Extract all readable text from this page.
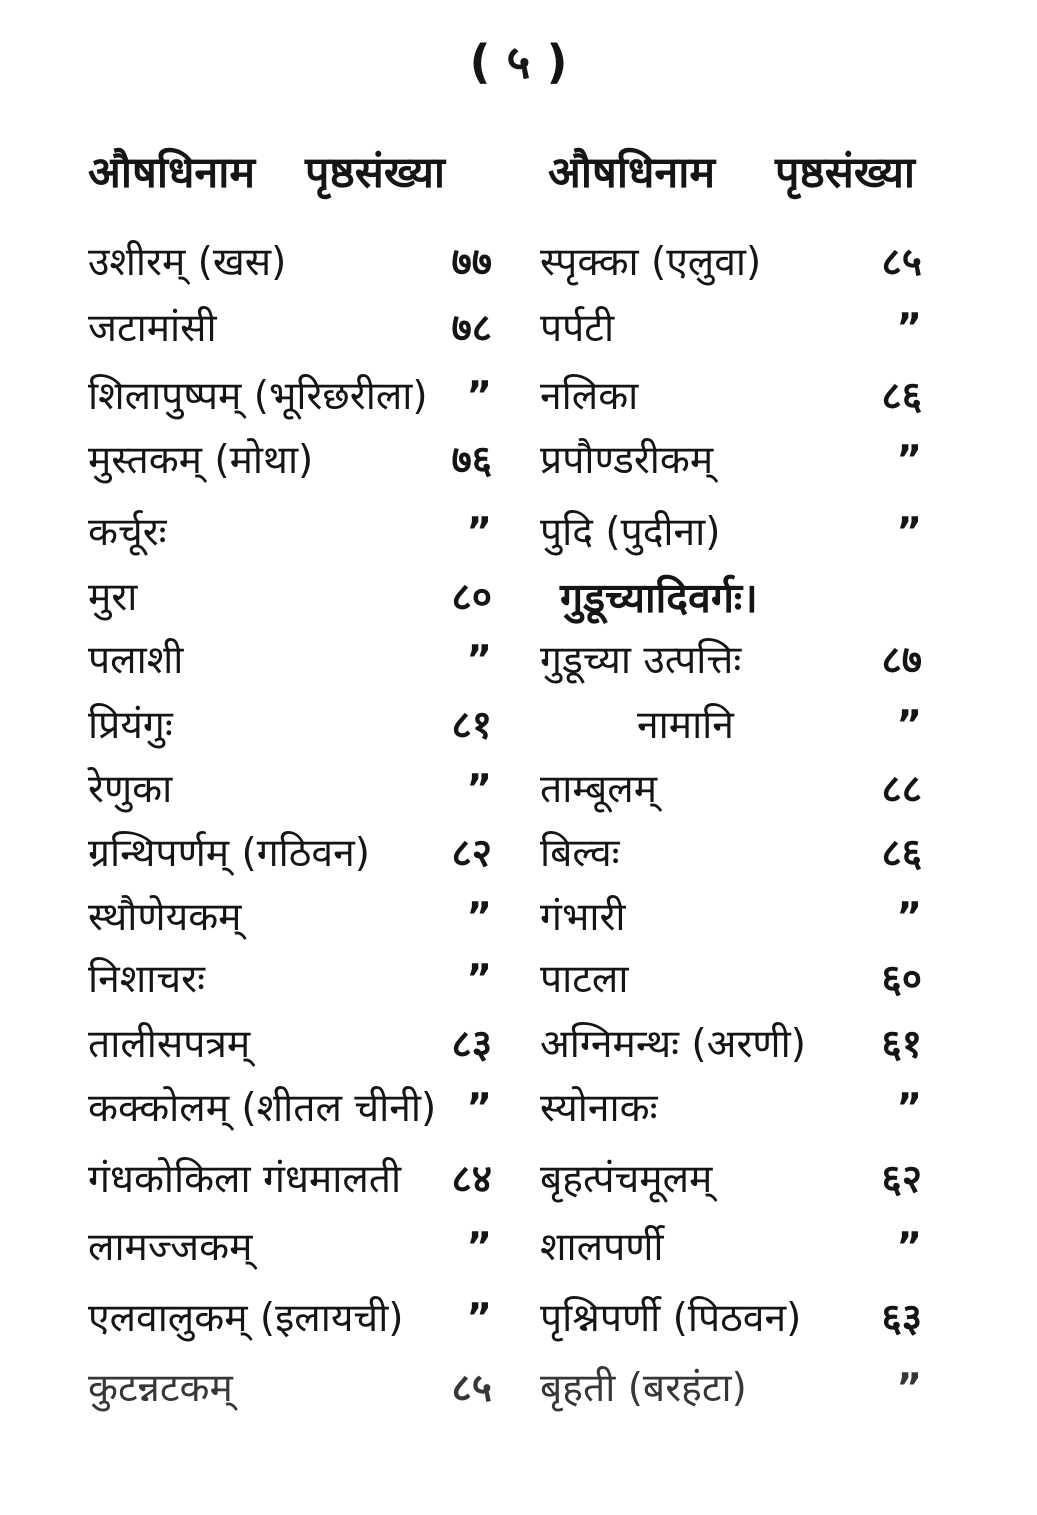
( ५ )
औषधिनाम पृष्ठसंख्या औषधिनाम पृष्ठसंख्या
उशीरम् (खस)	७७ स्पृक्का (एलुवा)	८५
जटामांसी	७८ पर्पटी	”
शिलापुष्पम् (भूरिछरीला) ” नलिका	८६
मुस्तकम् (मोथा)	७६ प्रपौण्डरीकम्	”
कर्चूरः	” पुदि (पुदीना)	”
मुरा	८० गुडूच्यादिवर्गः।
पलाशी	” गुडूच्या उत्पत्तिः	८७
प्रियंगुः	८१	नामानि	”
रेणुका	” ताम्बूलम्	८८
ग्रन्थिपर्णम् (गठिवन)	८२ बिल्वः	८६
स्थौणेयकम्	” गंभारी	”
निशाचरः	” पाटला	६०
तालीसपत्रम्	८३ अग्निमन्थः (अरणी)	६१
कक्कोलम् (शीतल चीनी) ” स्योनाकः	”
गंधकोकिला गंधमालती	८४ बृहत्पंचमूलम्	६२
लामज्जकम्	” शालपर्णी	”
एलवालुकम् (इलायची)	” पृश्निपर्णी (पिठवन)	६३
कुटन्नटकम्	८५ बृहती (बरहंटा)	”
